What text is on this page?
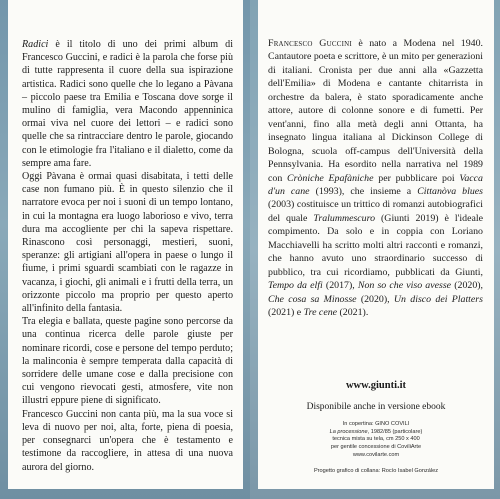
Radici è il titolo di uno dei primi album di Francesco Guccini, e radici è la parola che forse più di tutte rappresenta il cuore della sua ispirazione artistica. Radici sono quelle che lo legano a Pàvana – piccolo paese tra Emilia e Toscana dove sorge il mulino di famiglia, vera Macondo appenninica ormai viva nel cuore dei lettori – e radici sono quelle che sa rintracciare dentro le parole, giocando con le etimologie fra l'italiano e il dialetto, come da sempre ama fare.

Oggi Pàvana è ormai quasi disabitata, i tetti delle case non fumano più. È in questo silenzio che il narratore evoca per noi i suoni di un tempo lontano, in cui la montagna era luogo laborioso e vivo, terra dura ma accogliente per chi la sapeva rispettare. Rinascono così personaggi, mestieri, suoni, speranze: gli artigiani all'opera in paese o lungo il fiume, i primi sguardi scambiati con le ragazze in vacanza, i giochi, gli animali e i frutti della terra, un orizzonte piccolo ma proprio per questo aperto all'infinito della fantasia.

Tra elegia e ballata, queste pagine sono percorse da una continua ricerca delle parole giuste per nominare ricordi, cose e persone del tempo perduto; la malinconia è sempre temperata dalla capacità di sorridere delle umane cose e dalla precisione con cui vengono rievocati gesti, atmosfere, vite non illustri eppure piene di significato.

Francesco Guccini non canta più, ma la sua voce si leva di nuovo per noi, alta, forte, piena di poesia, per consegnarci un'opera che è testamento e testimone da raccogliere, in attesa di una nuova aurora del giorno.

Francesco Guccini è nato a Modena nel 1940. Cantautore poeta e scrittore, è un mito per generazioni di italiani. Cronista per due anni alla «Gazzetta dell'Emilia» di Modena e cantante chitarrista in orchestre da balera, è stato sporadicamente anche attore, autore di colonne sonore e di fumetti. Per vent'anni, fino alla metà degli anni Ottanta, ha insegnato lingua italiana al Dickinson College di Bologna, scuola off-campus dell'Università della Pennsylvania. Ha esordito nella narrativa nel 1989 con Cròniche Epafàniche per pubblicare poi Vacca d'un cane (1993), che insieme a Cittanòva blues (2003) costituisce un trittico di romanzi autobiografici del quale Tralummescuro (Giunti 2019) è l'ideale compimento. Da solo e in coppia con Loriano Macchiavelli ha scritto molti altri racconti e romanzi, che hanno avuto uno straordinario successo di pubblico, tra cui ricordiamo, pubblicati da Giunti, Tempo da elfi (2017), Non so che viso avesse (2020), Che cosa sa Minosse (2020), Un disco dei Platters (2021) e Tre cene (2021).

www.giunti.it
Disponibile anche in versione ebook
In copertina: GINO COVILI
La processione, 1982/85 (particolare)
tecnica mista su tela, cm 250 x 400
per gentile concessione di CoviliArte
www.covilarte.com
Progetto grafico di collana: Rocío Isabel González
